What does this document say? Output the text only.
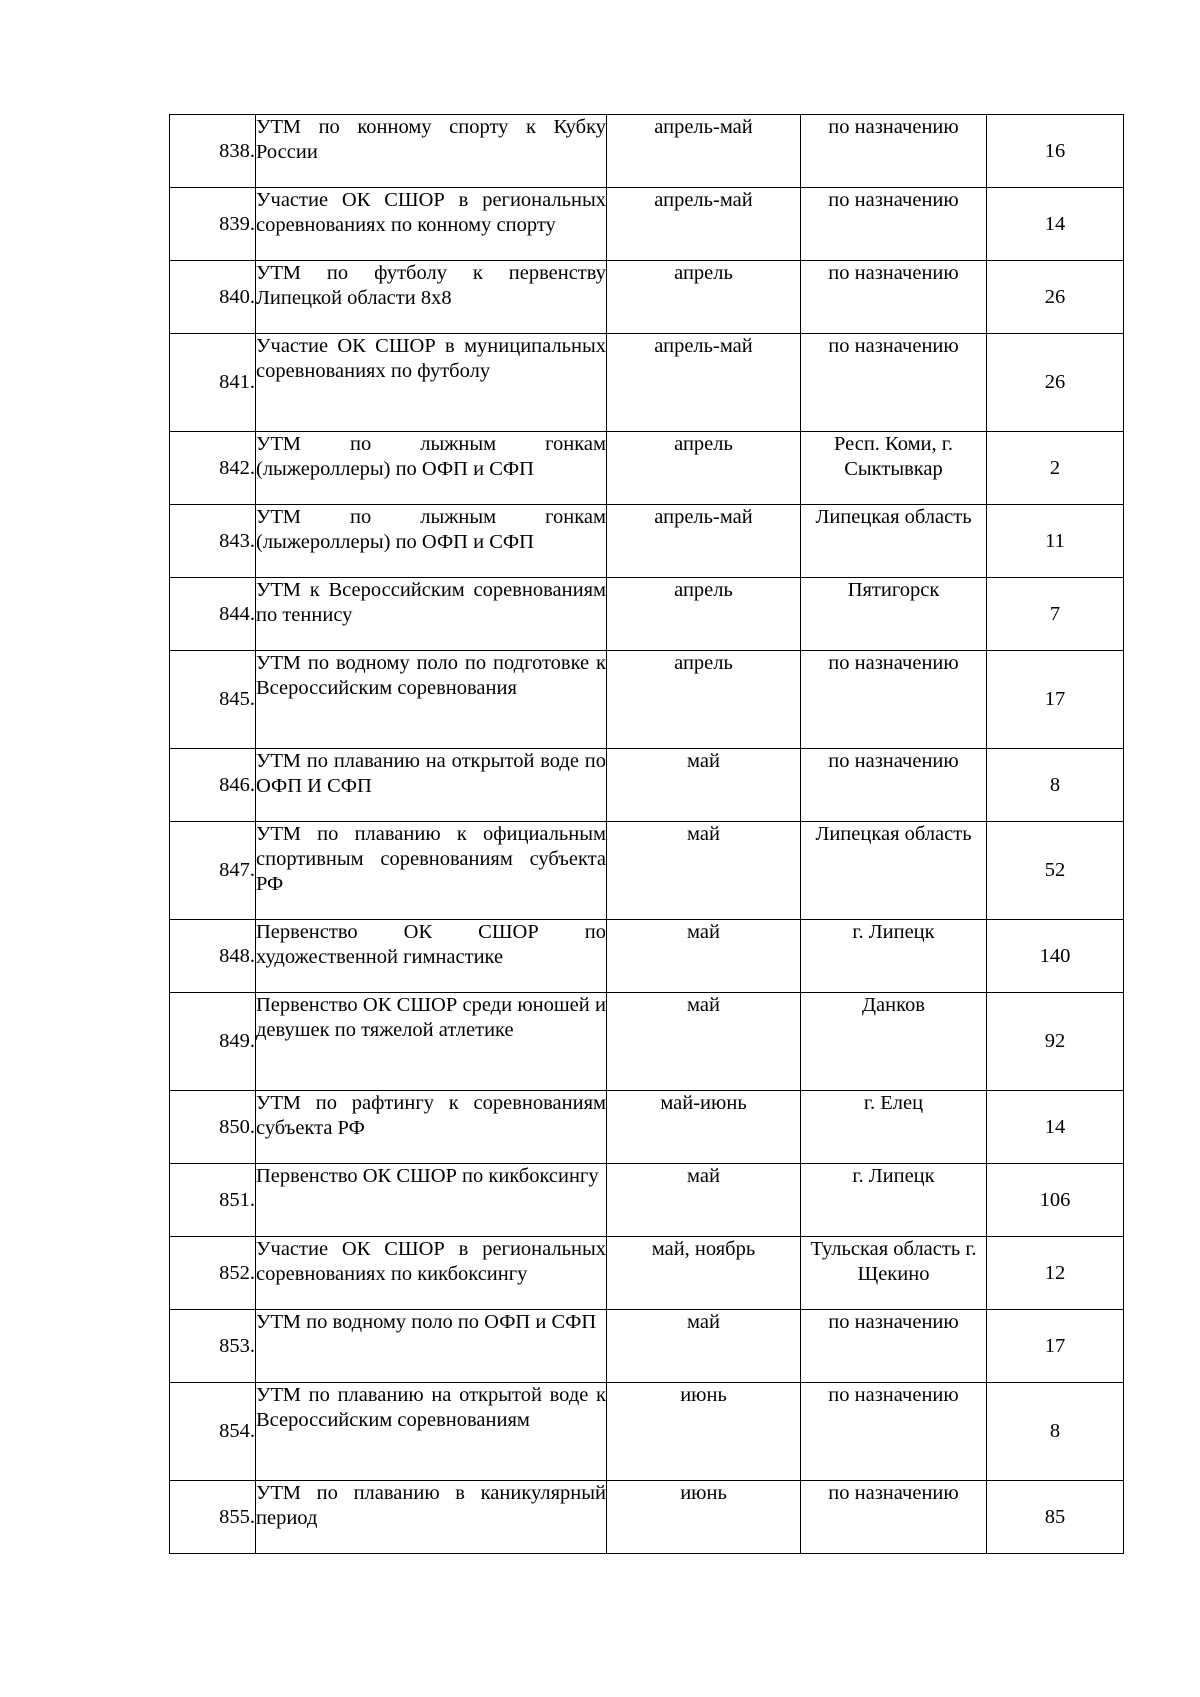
838.	УТМ по конному спорту к Кубку России	апрель-май	по назначению	16
839.	Участие ОК СШОР в региональных соревнованиях по конному спорту	апрель-май	по назначению	14
840.	УТМ по футболу к первенству Липецкой области 8х8	апрель	по назначению	26
841.	Участие ОК СШОР в муниципальных соревнованиях по футболу	апрель-май	по назначению	26
842.	УТМ по лыжным гонкам (лыжероллеры) по ОФП и СФП	апрель	Респ. Коми, г. Сыктывкар	2
843.	УТМ по лыжным гонкам (лыжероллеры) по ОФП и СФП	апрель-май	Липецкая область	11
844.	УТМ к Всероссийским соревнованиям по теннису	апрель	Пятигорск	7
845.	УТМ по водному поло по подготовке к Всероссийским соревнования	апрель	по назначению	17
846.	УТМ по плаванию на открытой воде по ОФП И СФП	май	по назначению	8
847.	УТМ по плаванию к официальным спортивным соревнованиям субъекта РФ	май	Липецкая область	52
848.	Первенство ОК СШОР по художественной гимнастике	май	г. Липецк	140
849.	Первенство ОК СШОР среди юношей и девушек по тяжелой атлетике	май	Данков	92
850.	УТМ по рафтингу к соревнованиям субъекта РФ	май-июнь	г. Елец	14
851.	Первенство ОК СШОР по кикбоксингу	май	г. Липецк	106
852.	Участие ОК СШОР в региональных соревнованиях по кикбоксингу	май, ноябрь	Тульская область г. Щекино	12
853.	УТМ по водному поло по ОФП и СФП	май	по назначению	17
854.	УТМ по плаванию на открытой воде к Всероссийским соревнованиям	июнь	по назначению	8
855.	УТМ по плаванию в каникулярный период	июнь	по назначению	85
